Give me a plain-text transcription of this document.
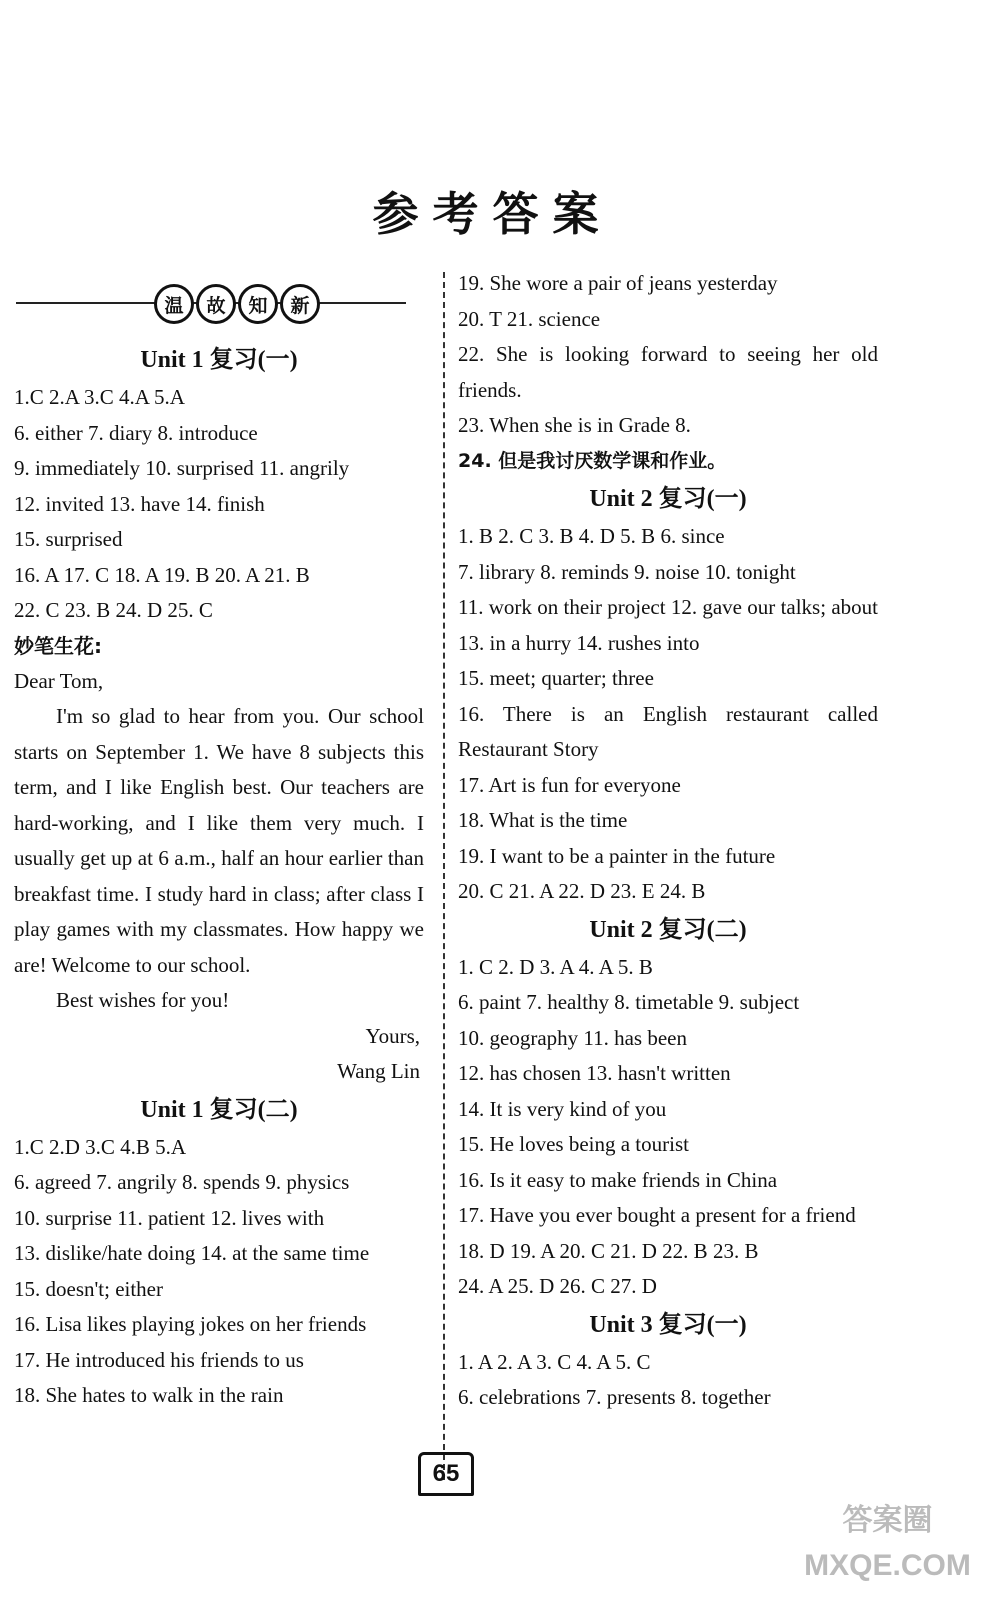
参考答案
温	故	知	新
Unit 1 复习(一)
1.C 2.A 3.C 4.A 5.A
6. either 7. diary 8. introduce
9. immediately 10. surprised 11. angrily
12. invited 13. have 14. finish
15. surprised
16. A 17. C 18. A 19. B 20. A 21. B
22. C 23. B 24. D 25. C
妙笔生花:
Dear Tom,
I'm so glad to hear from you. Our school starts on September 1. We have 8 subjects this term, and I like English best. Our teachers are hard-working, and I like them very much. I usually get up at 6 a.m., half an hour earlier than breakfast time. I study hard in class; after class I play games with my classmates. How happy we are! Welcome to our school.
Best wishes for you!
Yours,
Wang Lin
Unit 1 复习(二)
1.C 2.D 3.C 4.B 5.A
6. agreed 7. angrily 8. spends 9. physics
10. surprise 11. patient 12. lives with
13. dislike/hate doing 14. at the same time
15. doesn't; either
16. Lisa likes playing jokes on her friends
17. He introduced his friends to us
18. She hates to walk in the rain
19. She wore a pair of jeans yesterday
20. T 21. science
22. She is looking forward to seeing her old friends.
23. When she is in Grade 8.
24. 但是我讨厌数学课和作业。
Unit 2 复习(一)
1. B 2. C 3. B 4. D 5. B 6. since
7. library 8. reminds 9. noise 10. tonight
11. work on their project 12. gave our talks; about 13. in a hurry 14. rushes into
15. meet; quarter; three
16. There is an English restaurant called Restaurant Story
17. Art is fun for everyone
18. What is the time
19. I want to be a painter in the future
20. C 21. A 22. D 23. E 24. B
Unit 2 复习(二)
1. C 2. D 3. A 4. A 5. B
6. paint 7. healthy 8. timetable 9. subject
10. geography 11. has been
12. has chosen 13. hasn't written
14. It is very kind of you
15. He loves being a tourist
16. Is it easy to make friends in China
17. Have you ever bought a present for a friend
18. D 19. A 20. C 21. D 22. B 23. B
24. A 25. D 26. C 27. D
Unit 3 复习(一)
1. A 2. A 3. C 4. A 5. C
6. celebrations 7. presents 8. together
65
答案圈 MXQE.COM
